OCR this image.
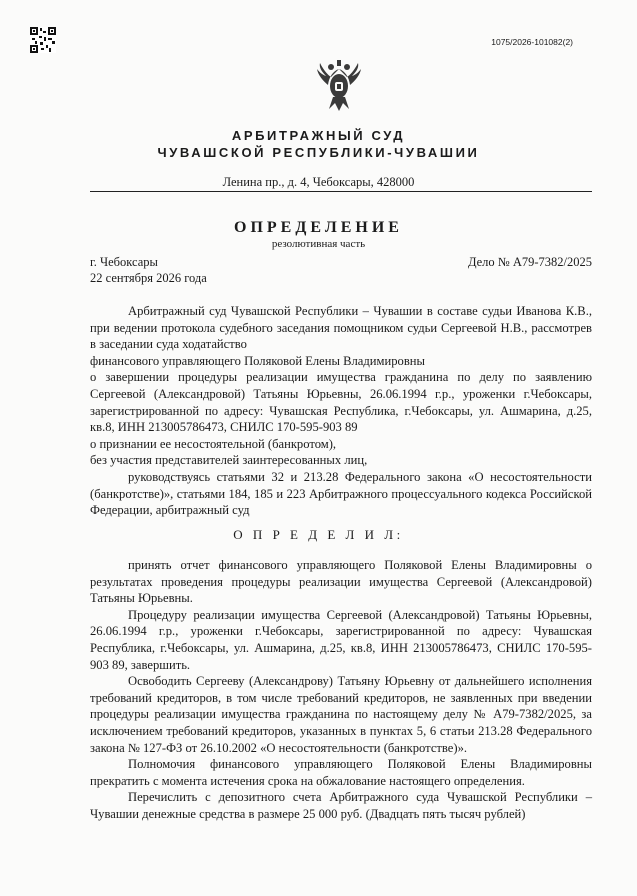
1075/2026-101082(2)
АРБИТРАЖНЫЙ СУД
ЧУВАШСКОЙ РЕСПУБЛИКИ-ЧУВАШИИ
Ленина пр., д. 4, Чебоксары, 428000
ОПРЕДЕЛЕНИЕ
резолютивная часть
г. Чебоксары
22 сентября 2026 года
Дело № А79-7382/2025

Арбитражный суд Чувашской Республики – Чувашии в составе судьи Иванова К.В., при ведении протокола судебного заседания помощником судьи Сергеевой Н.В., рассмотрев в заседании суда ходатайство

финансового управляющего Поляковой Елены Владимировны

о завершении процедуры реализации имущества гражданина по делу по заявлению Сергеевой (Александровой) Татьяны Юрьевны, 26.06.1994 г.р., уроженки г.Чебоксары, зарегистрированной по адресу: Чувашская Республика, г.Чебоксары, ул. Ашмарина, д.25, кв.8, ИНН 213005786473, СНИЛС 170-595-903 89

о признании ее несостоятельной (банкротом),

без участия представителей заинтересованных лиц,

руководствуясь статьями 32 и 213.28 Федерального закона «О несостоятельности (банкротстве)», статьями 184, 185 и 223 Арбитражного процессуального кодекса Российской Федерации, арбитражный суд

О П Р Е Д Е Л И Л:

принять отчет финансового управляющего Поляковой Елены Владимировны о результатах проведения процедуры реализации имущества Сергеевой (Александровой) Татьяны Юрьевны.

Процедуру реализации имущества Сергеевой (Александровой) Татьяны Юрьевны, 26.06.1994 г.р., уроженки г.Чебоксары, зарегистрированной по адресу: Чувашская Республика, г.Чебоксары, ул. Ашмарина, д.25, кв.8, ИНН 213005786473, СНИЛС 170-595-903 89, завершить.

Освободить Сергееву (Александрову) Татьяну Юрьевну от дальнейшего исполнения требований кредиторов, в том числе требований кредиторов, не заявленных при введении процедуры реализации имущества гражданина по настоящему делу № А79-7382/2025, за исключением требований кредиторов, указанных в пунктах 5, 6 статьи 213.28 Федерального закона № 127-ФЗ от 26.10.2002 «О несостоятельности (банкротстве)».

Полномочия финансового управляющего Поляковой Елены Владимировны прекратить с момента истечения срока на обжалование настоящего определения.

Перечислить с депозитного счета Арбитражного суда Чувашской Республики – Чувашии денежные средства в размере 25 000 руб. (Двадцать пять тысяч рублей)
